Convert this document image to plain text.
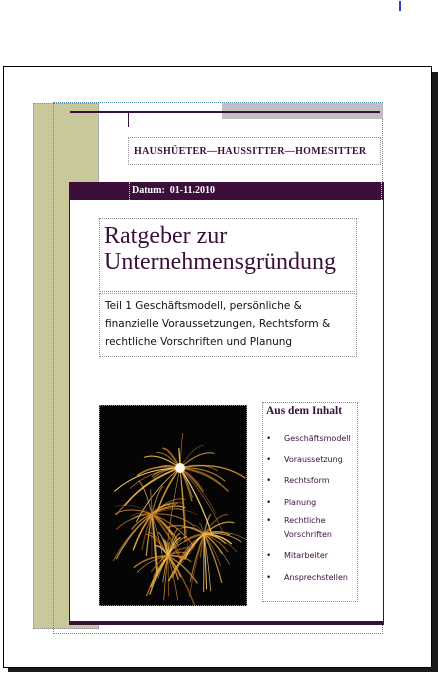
HAUSHÜETER—HAUSSITTER—HOMESITTER
Datum: 01-11.2010
Ratgeber zur Unternehmensgründung
Teil 1 Geschäftsmodell, persönliche & finanzielle Voraussetzungen, Rechtsform & rechtliche Vorschriften und Planung
Aus dem Inhalt
• Geschäftsmodell
• Voraussetzung
• Rechtsform
• Planung
• Rechtliche Vorschriften
• Mitarbeiter
• Ansprechstellen
